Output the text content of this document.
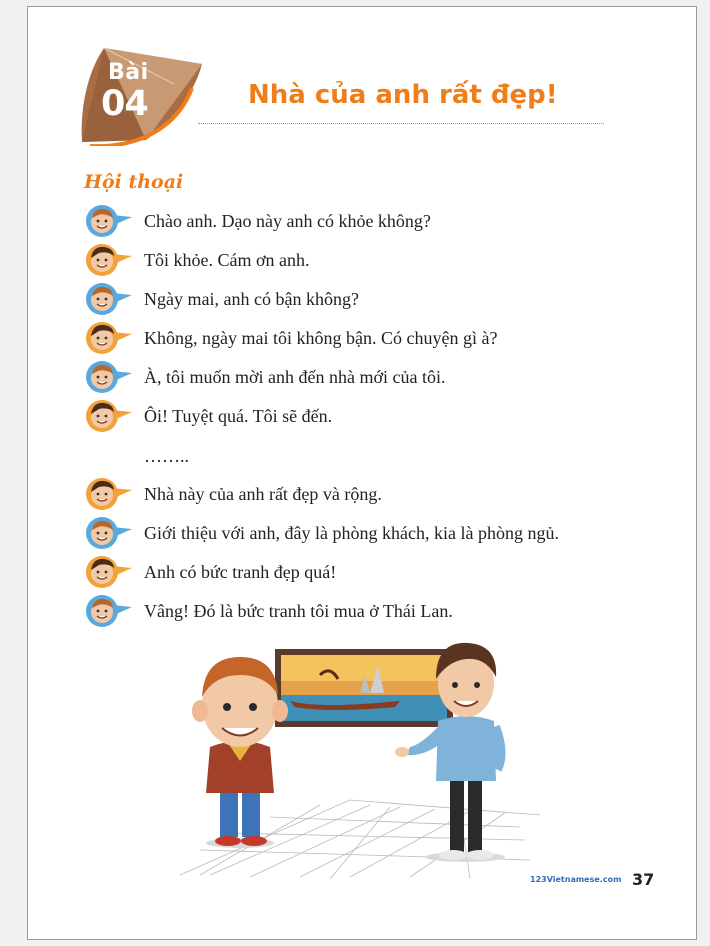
Bài
04	Nhà của anh rất đẹp!
Hội thoại
Chào anh. Dạo này anh có khỏe không?
Tôi khỏe. Cám ơn anh.
Ngày mai, anh có bận không?
Không, ngày mai tôi không bận. Có chuyện gì à?
À, tôi muốn mời anh đến nhà mới của tôi.
Ôi! Tuyệt quá. Tôi sẽ đến.
……..
Nhà này của anh rất đẹp và rộng.
Giới thiệu với anh, đây là phòng khách, kia là phòng ngủ.
Anh có bức tranh đẹp quá!
Vâng! Đó là bức tranh tôi mua ở Thái Lan.
123Vietnamese.com 37
